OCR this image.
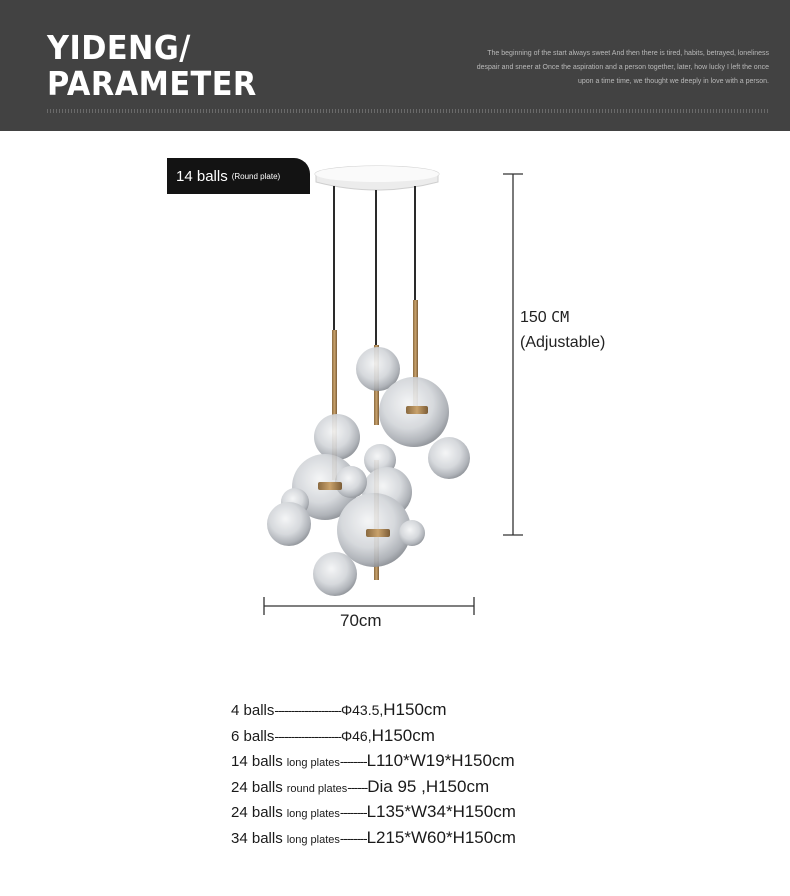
YIDENG/
PARAMETER
The beginning of the start always sweet And then there is tired, habits, betrayed, loneliness
despair and sneer at Once the aspiration and a person together, later, how lucky I left the once
upon a time time, we thought we deeply in love with a person.
14 balls (Round plate)
150 CM
(Adjustable)
70cm
4 balls -------------------- Φ43.5, H150cm
6 balls -------------------- Φ46, H150cm
14 balls long plates -------- L110*W19*H150cm
24 balls round plates ------ Dia 95 ,H150cm
24 balls long plates -------- L135*W34*H150cm
34 balls long plates -------- L215*W60*H150cm
